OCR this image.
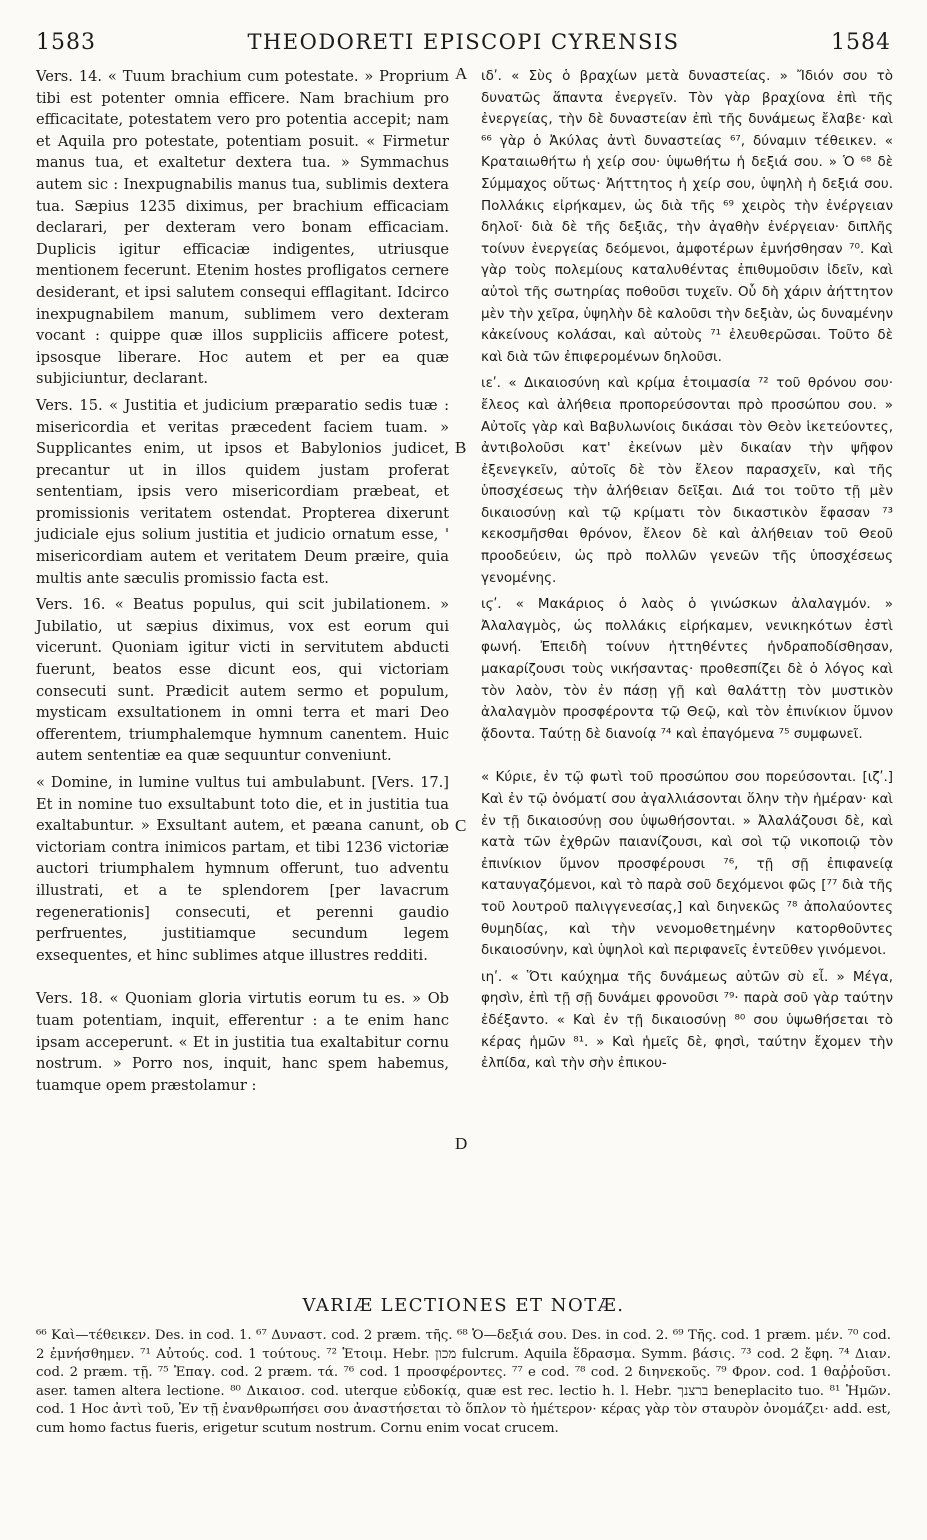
1583	THEODORETI EPISCOPI CYRENSIS	1584

Vers. 14. « Tuum brachium cum potestate. » Proprium tibi est potenter omnia efficere. Nam brachium pro efficacitate, potestatem vero pro potentia accepit; nam et Aquila pro potestate, potentiam posuit. « Firmetur manus tua, et exaltetur dextera tua. » Symmachus autem sic : Inexpugnabilis manus tua, sublimis dextera tua. Sæpius 1235 diximus, per brachium efficaciam declarari, per dexteram vero bonam efficaciam. Duplicis igitur efficaciæ indigentes, utriusque mentionem fecerunt. Etenim hostes profligatos cernere desiderant, et ipsi salutem consequi efflagitant. Idcirco inexpugnabilem manum, sublimem vero dexteram vocant : quippe quæ illos suppliciis afficere potest, ipsosque liberare. Hoc autem et per ea quæ subjiciuntur, declarant.

Vers. 15. « Justitia et judicium præparatio sedis tuæ : misericordia et veritas præcedent faciem tuam. » Supplicantes enim, ut ipsos et Babylonios judicet, precantur ut in illos quidem justam proferat sententiam, ipsis vero misericordiam præbeat, et promissionis veritatem ostendat. Propterea dixerunt judiciale ejus solium justitia et judicio ornatum esse, ' misericordiam autem et veritatem Deum præire, quia multis ante sæculis promissio facta est.

Vers. 16. « Beatus populus, qui scit jubilationem. » Jubilatio, ut sæpius diximus, vox est eorum qui vicerunt. Quoniam igitur victi in servitutem abducti fuerunt, beatos esse dicunt eos, qui victoriam consecuti sunt. Prædicit autem sermo et populum, mysticam exsultationem in omni terra et mari Deo offerentem, triumphalemque hymnum canentem. Huic autem sententiæ ea quæ sequuntur conveniunt.

« Domine, in lumine vultus tui ambulabunt. [Vers. 17.] Et in nomine tuo exsultabunt toto die, et in justitia tua exaltabuntur. » Exsultant autem, et pæana canunt, ob victoriam contra inimicos partam, et tibi 1236 victoriæ auctori triumphalem hymnum offerunt, tuo adventu illustrati, et a te splendorem [per lavacrum regenerationis] consecuti, et perenni gaudio perfruentes, justitiamque secundum legem exsequentes, et hinc sublimes atque illustres redditi.

Vers. 18. « Quoniam gloria virtutis eorum tu es. » Ob tuam potentiam, inquit, efferentur : a te enim hanc ipsam acceperunt. « Et in justitia tua exaltabitur cornu nostrum. » Porro nos, inquit, hanc spem habemus, tuamque opem præstolamur :

A
B
C
D

ιδʹ. « Σὺς ὁ βραχίων μετὰ δυναστείας. » Ἴδιόν σου τὸ δυνατῶς ἅπαντα ἐνεργεῖν. Τὸν γὰρ βραχίονα ἐπὶ τῆς ἐνεργείας, τὴν δὲ δυναστείαν ἐπὶ τῆς δυνάμεως ἔλαβε· καὶ ⁶⁶ γὰρ ὁ Ἀκύλας ἀντὶ δυναστείας ⁶⁷, δύναμιν τέθεικεν. « Κραταιωθήτω ἡ χείρ σου· ὑψωθήτω ἡ δεξιά σου. » Ὁ ⁶⁸ δὲ Σύμμαχος οὕτως· Ἀήττητος ἡ χείρ σου, ὑψηλὴ ἡ δεξιά σου. Πολλάκις εἰρήκαμεν, ὡς διὰ τῆς ⁶⁹ χειρὸς τὴν ἐνέργειαν δηλοῖ· διὰ δὲ τῆς δεξιᾶς, τὴν ἀγαθὴν ἐνέργειαν· διπλῆς τοίνυν ἐνεργείας δεόμενοι, ἀμφοτέρων ἐμνήσθησαν ⁷⁰. Καὶ γὰρ τοὺς πολεμίους καταλυθέντας ἐπιθυμοῦσιν ἰδεῖν, καὶ αὐτοὶ τῆς σωτηρίας ποθοῦσι τυχεῖν. Οὗ δὴ χάριν ἀήττητον μὲν τὴν χεῖρα, ὑψηλὴν δὲ καλοῦσι τὴν δεξιὰν, ὡς δυναμένην κἀκείνους κολάσαι, καὶ αὐτοὺς ⁷¹ ἐλευθερῶσαι. Τοῦτο δὲ καὶ διὰ τῶν ἐπιφερομένων δηλοῦσι.

ιεʹ. « Δικαιοσύνη καὶ κρίμα ἑτοιμασία ⁷² τοῦ θρόνου σου· ἔλεος καὶ ἀλήθεια προπορεύσονται πρὸ προσώπου σου. » Αὐτοῖς γὰρ καὶ Βαβυλωνίοις δικάσαι τὸν Θεὸν ἱκετεύοντες, ἀντιβολοῦσι κατ' ἐκείνων μὲν δικαίαν τὴν ψῆφον ἐξενεγκεῖν, αὐτοῖς δὲ τὸν ἔλεον παρασχεῖν, καὶ τῆς ὑποσχέσεως τὴν ἀλήθειαν δεῖξαι. Διά τοι τοῦτο τῇ μὲν δικαιοσύνῃ καὶ τῷ κρίματι τὸν δικαστικὸν ἔφασαν ⁷³ κεκοσμῆσθαι θρόνον, ἔλεον δὲ καὶ ἀλήθειαν τοῦ Θεοῦ προοδεύειν, ὡς πρὸ πολλῶν γενεῶν τῆς ὑποσχέσεως γενομένης.

ιϛʹ. « Μακάριος ὁ λαὸς ὁ γινώσκων ἀλαλαγμόν. » Ἀλαλαγμὸς, ὡς πολλάκις εἰρήκαμεν, νενικηκότων ἐστὶ φωνή. Ἐπειδὴ τοίνυν ἡττηθέντες ἠνδραποδίσθησαν, μακαρίζουσι τοὺς νικήσαντας· προθεσπίζει δὲ ὁ λόγος καὶ τὸν λαὸν, τὸν ἐν πάσῃ γῇ καὶ θαλάττῃ τὸν μυστικὸν ἀλαλαγμὸν προσφέροντα τῷ Θεῷ, καὶ τὸν ἐπινίκιον ὕμνον ᾄδοντα. Ταύτῃ δὲ διανοίᾳ ⁷⁴ καὶ ἐπαγόμενα ⁷⁵ συμφωνεῖ.

« Κύριε, ἐν τῷ φωτὶ τοῦ προσώπου σου πορεύσονται. [ιζʹ.] Καὶ ἐν τῷ ὀνόματί σου ἀγαλλιάσονται ὅλην τὴν ἡμέραν· καὶ ἐν τῇ δικαιοσύνῃ σου ὑψωθήσονται. » Ἀλαλάζουσι δὲ, καὶ κατὰ τῶν ἐχθρῶν παιανίζουσι, καὶ σοὶ τῷ νικοποιῷ τὸν ἐπινίκιον ὕμνον προσφέρουσι ⁷⁶, τῇ σῇ ἐπιφανείᾳ καταυγαζόμενοι, καὶ τὸ παρὰ σοῦ δεχόμενοι φῶς [⁷⁷ διὰ τῆς τοῦ λουτροῦ παλιγγενεσίας,] καὶ διηνεκῶς ⁷⁸ ἀπολαύοντες θυμηδίας, καὶ τὴν νενομοθετημένην κατορθοῦντες δικαιοσύνην, καὶ ὑψηλοὶ καὶ περιφανεῖς ἐντεῦθεν γινόμενοι.

ιηʹ. « Ὅτι καύχημα τῆς δυνάμεως αὐτῶν σὺ εἶ. » Μέγα, φησὶν, ἐπὶ τῇ σῇ δυνάμει φρονοῦσι ⁷⁹· παρὰ σοῦ γὰρ ταύτην ἐδέξαντο. « Καὶ ἐν τῇ δικαιοσύνῃ ⁸⁰ σου ὑψωθήσεται τὸ κέρας ἡμῶν ⁸¹. » Καὶ ἡμεῖς δὲ, φησὶ, ταύτην ἔχομεν τὴν ἐλπίδα, καὶ τὴν σὴν ἐπικου-

VARIÆ LECTIONES ET NOTÆ.

⁶⁶ Καὶ—τέθεικεν. Des. in cod. 1. ⁶⁷ Δυναστ. cod. 2 præm. τῆς. ⁶⁸ Ὁ—δεξιά σου. Des. in cod. 2. ⁶⁹ Τῆς. cod. 1 præm. μέν. ⁷⁰ cod. 2 ἐμνήσθημεν. ⁷¹ Αὐτούς. cod. 1 τούτους. ⁷² Ἑτοιμ. Hebr. מכון fulcrum. Aquila ἕδρασμα. Symm. βάσις. ⁷³ cod. 2 ἔφη. ⁷⁴ Διαν. cod. 2 præm. τῇ. ⁷⁵ Ἐπαγ. cod. 2 præm. τά. ⁷⁶ cod. 1 προσφέροντες. ⁷⁷ e cod. ⁷⁸ cod. 2 διηνεκοῦς. ⁷⁹ Φρον. cod. 1 θαῤῥοῦσι. aser. tamen altera lectione. ⁸⁰ Δικαιοσ. cod. uterque εὐδοκίᾳ, quæ est rec. lectio h. l. Hebr. ברצנך beneplacito tuo. ⁸¹ Ἡμῶν. cod. 1 Hoc ἀντὶ τοῦ, Ἐν τῇ ἐνανθρωπήσει σου ἀναστήσεται τὸ ὅπλον τὸ ἡμέτερον· κέρας γὰρ τὸν σταυρὸν ὀνομάζει· add. est, cum homo factus fueris, erigetur scutum nostrum. Cornu enim vocat crucem.
